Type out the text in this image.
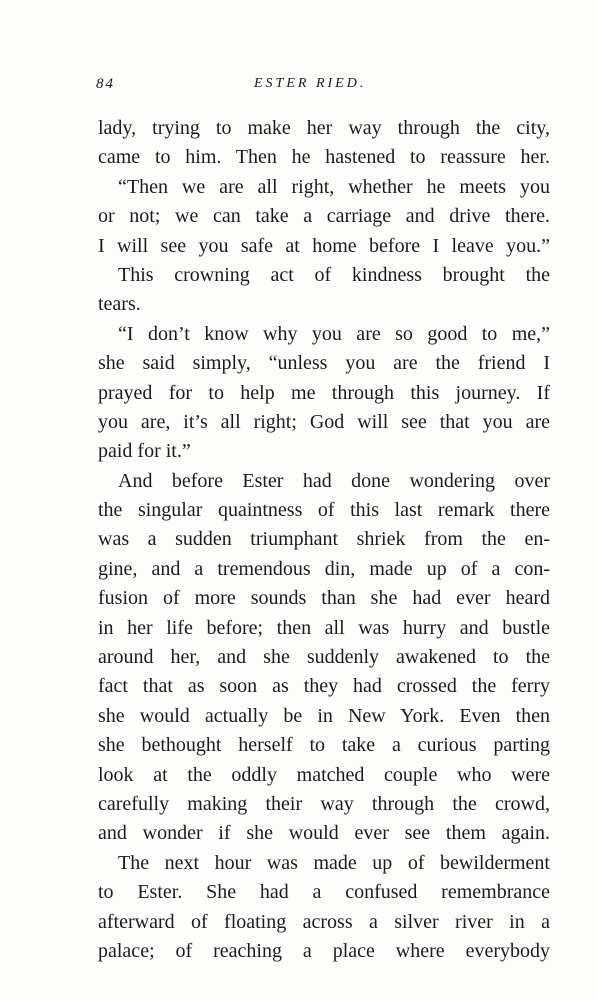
84	ESTER RIED.
lady, trying to make her way through the city,
came to him. Then he hastened to reassure her.
“Then we are all right, whether he meets you
or not; we can take a carriage and drive there.
I will see you safe at home before I leave you.”
This crowning act of kindness brought the
tears.
“I don’t know why you are so good to me,”
she said simply, “unless you are the friend I
prayed for to help me through this journey. If
you are, it’s all right; God will see that you are
paid for it.”
And before Ester had done wondering over
the singular quaintness of this last remark there
was a sudden triumphant shriek from the en-
gine, and a tremendous din, made up of a con-
fusion of more sounds than she had ever heard
in her life before; then all was hurry and bustle
around her, and she suddenly awakened to the
fact that as soon as they had crossed the ferry
she would actually be in New York. Even then
she bethought herself to take a curious parting
look at the oddly matched couple who were
carefully making their way through the crowd,
and wonder if she would ever see them again.
The next hour was made up of bewilderment
to Ester. She had a confused remembrance
afterward of floating across a silver river in a
palace; of reaching a place where everybody
